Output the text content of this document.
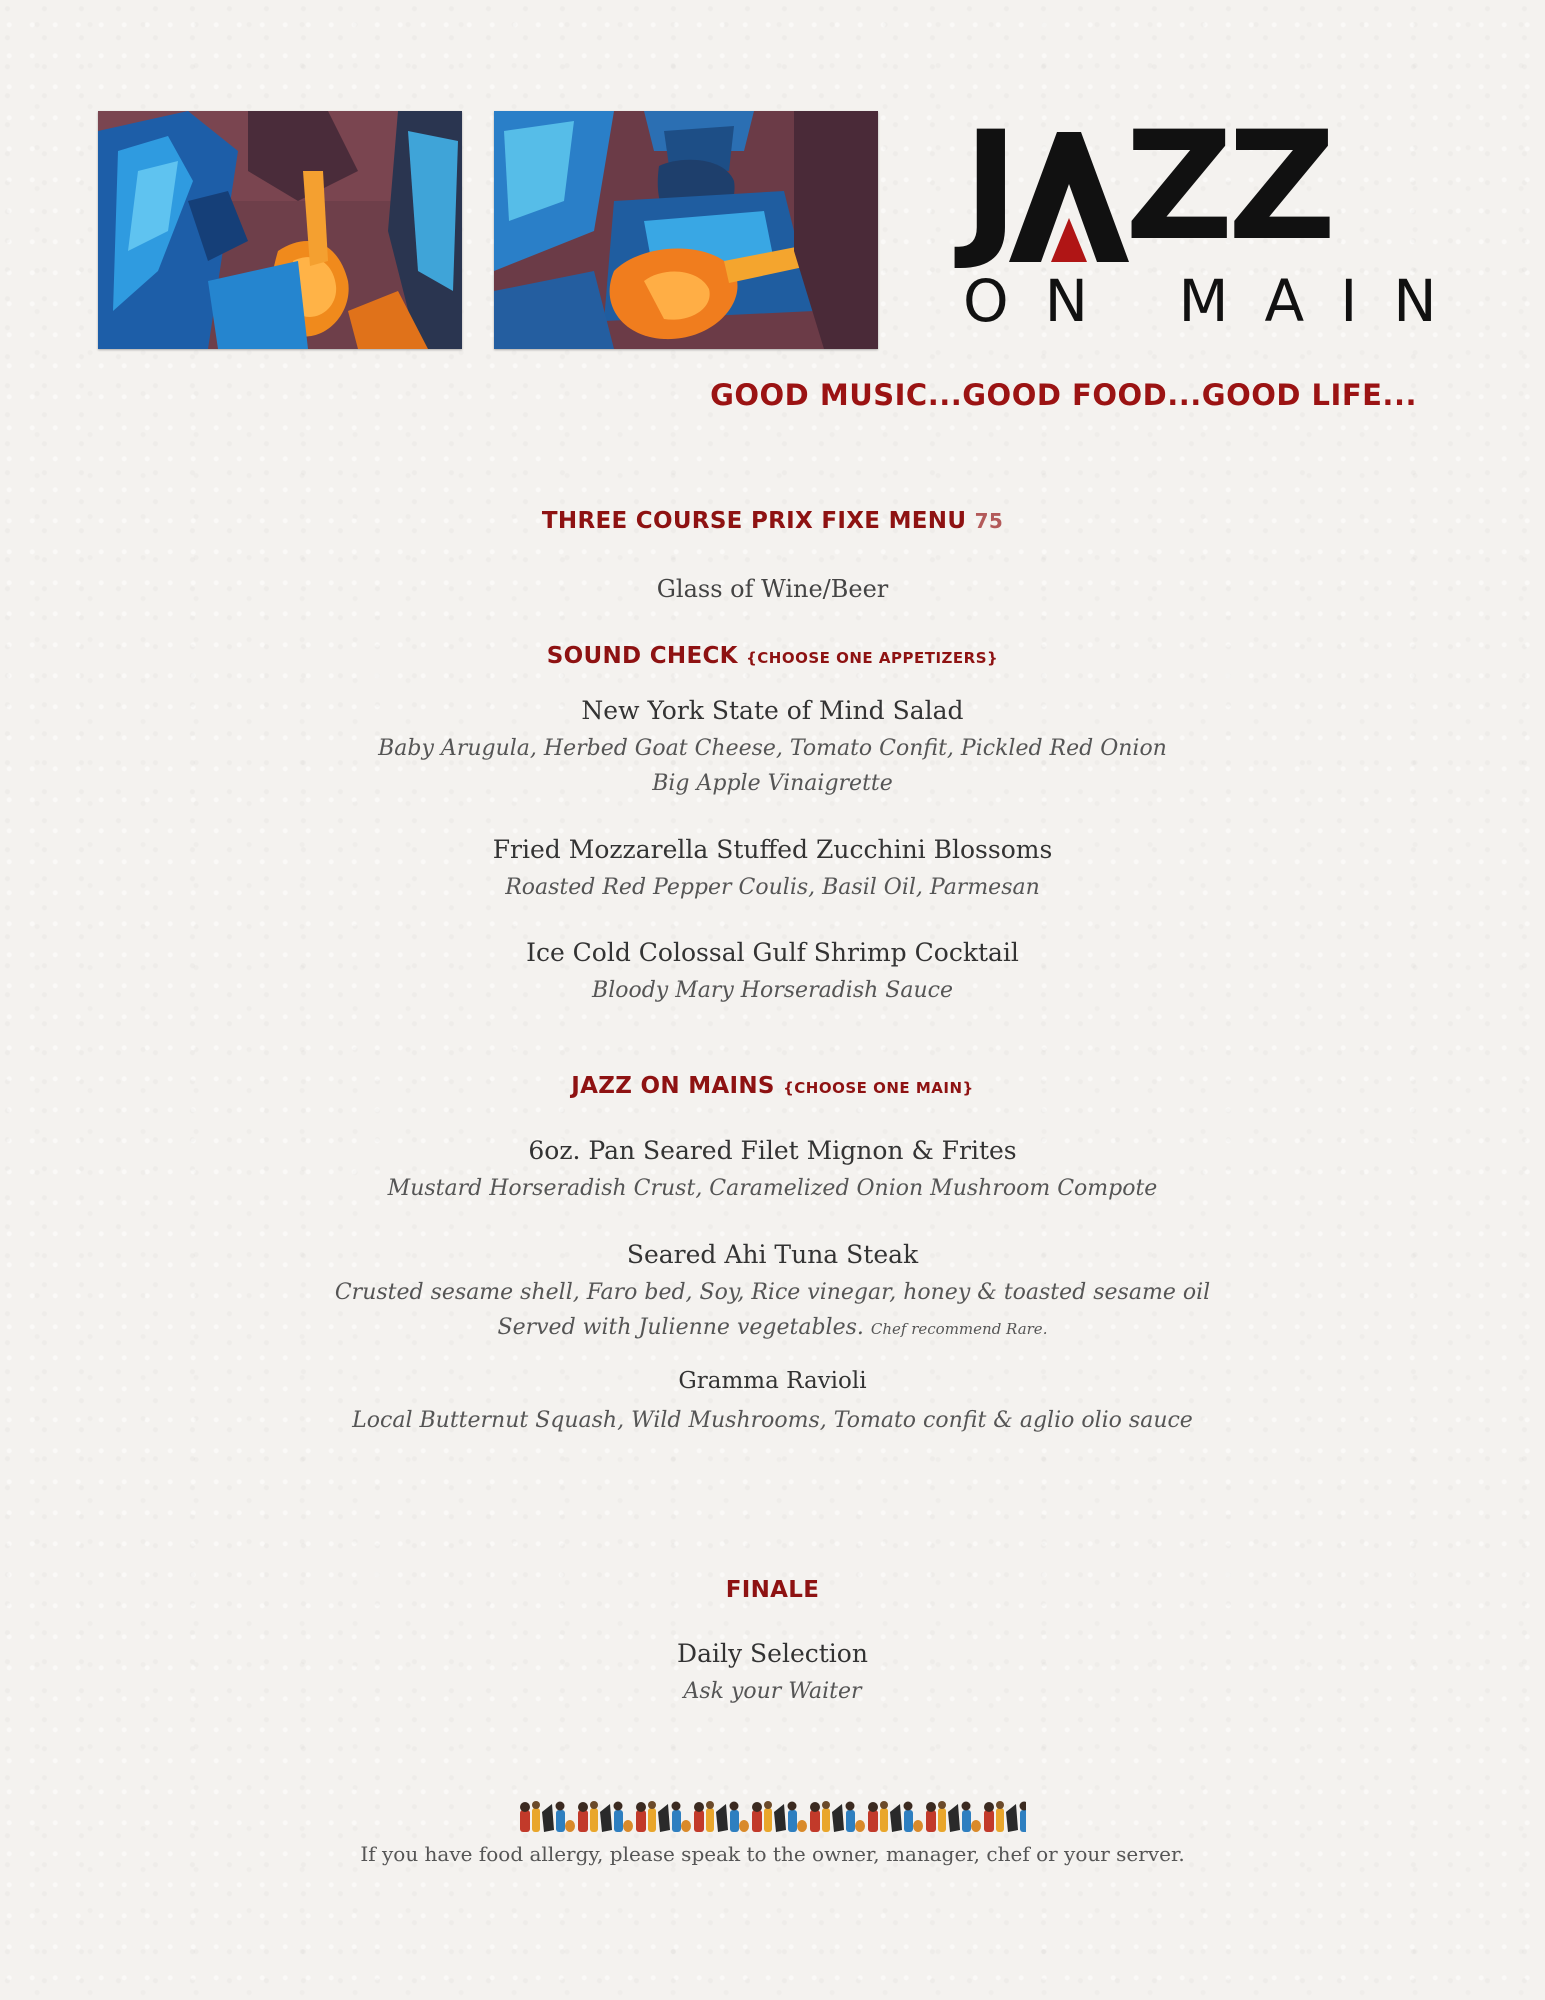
J ZZ
ON MAIN
GOOD MUSIC...GOOD FOOD...GOOD LIFE...
THREE COURSE PRIX FIXE MENU 75
Glass of Wine/Beer
SOUND CHECK {CHOOSE ONE APPETIZERS}
New York State of Mind Salad
Baby Arugula, Herbed Goat Cheese, Tomato Confit, Pickled Red Onion
Big Apple Vinaigrette
Fried Mozzarella Stuffed Zucchini Blossoms
Roasted Red Pepper Coulis, Basil Oil, Parmesan
Ice Cold Colossal Gulf Shrimp Cocktail
Bloody Mary Horseradish Sauce
JAZZ ON MAINS {CHOOSE ONE MAIN}
6oz. Pan Seared Filet Mignon & Frites
Mustard Horseradish Crust, Caramelized Onion Mushroom Compote
Seared Ahi Tuna Steak
Crusted sesame shell, Faro bed, Soy, Rice vinegar, honey & toasted sesame oil
Served with Julienne vegetables. Chef recommend Rare.
Gramma Ravioli
Local Butternut Squash, Wild Mushrooms, Tomato confit & aglio olio sauce
FINALE
Daily Selection
Ask your Waiter
If you have food allergy, please speak to the owner, manager, chef or your server.
